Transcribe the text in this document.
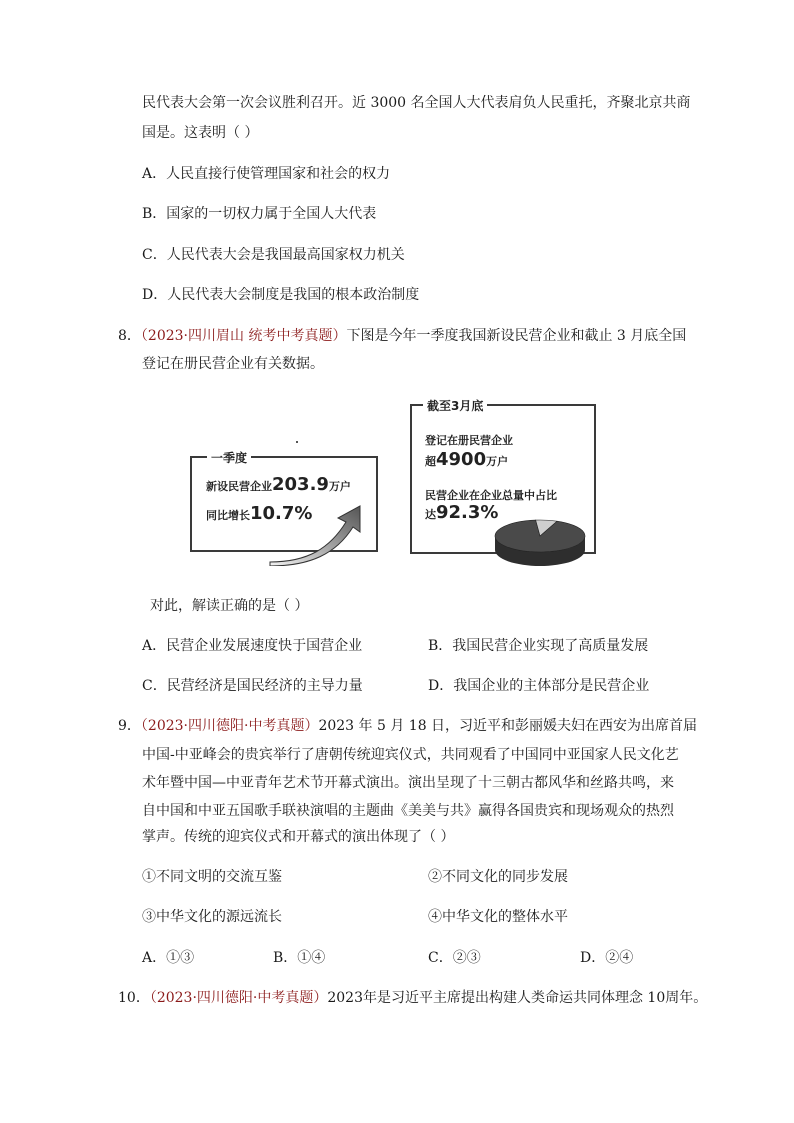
民代表大会第一次会议胜利召开。近 3000 名全国人大代表肩负人民重托，齐聚北京共商
国是。这表明（ ）
A．人民直接行使管理国家和社会的权力
B．国家的一切权力属于全国人大代表
C．人民代表大会是我国最高国家权力机关
D．人民代表大会制度是我国的根本政治制度
8．（2023·四川眉山 统考中考真题）下图是今年一季度我国新设民营企业和截止 3 月底全国
登记在册民营企业有关数据。
一季度
新设民营企业203.9万户
同比增长10.7%
截至3月底
登记在册民营企业
超4900万户
民营企业在企业总量中占比
达92.3%
对此，解读正确的是（ ）
A．民营企业发展速度快于国营企业	B．我国民营企业实现了高质量发展
C．民营经济是国民经济的主导力量	D．我国企业的主体部分是民营企业
9．（2023·四川德阳·中考真题）2023 年 5 月 18 日，习近平和彭丽媛夫妇在西安为出席首届
中国-中亚峰会的贵宾举行了唐朝传统迎宾仪式，共同观看了中国同中亚国家人民文化艺
术年暨中国—中亚青年艺术节开幕式演出。演出呈现了十三朝古都风华和丝路共鸣，来
自中国和中亚五国歌手联袂演唱的主题曲《美美与共》赢得各国贵宾和现场观众的热烈
掌声。传统的迎宾仪式和开幕式的演出体现了（ ）
①不同文明的交流互鉴	②不同文化的同步发展
③中华文化的源远流长	④中华文化的整体水平
A．①③	B．①④	C．②③	D．②④
10．（2023·四川德阳·中考真题）2023年是习近平主席提出构建人类命运共同体理念 10周年。
